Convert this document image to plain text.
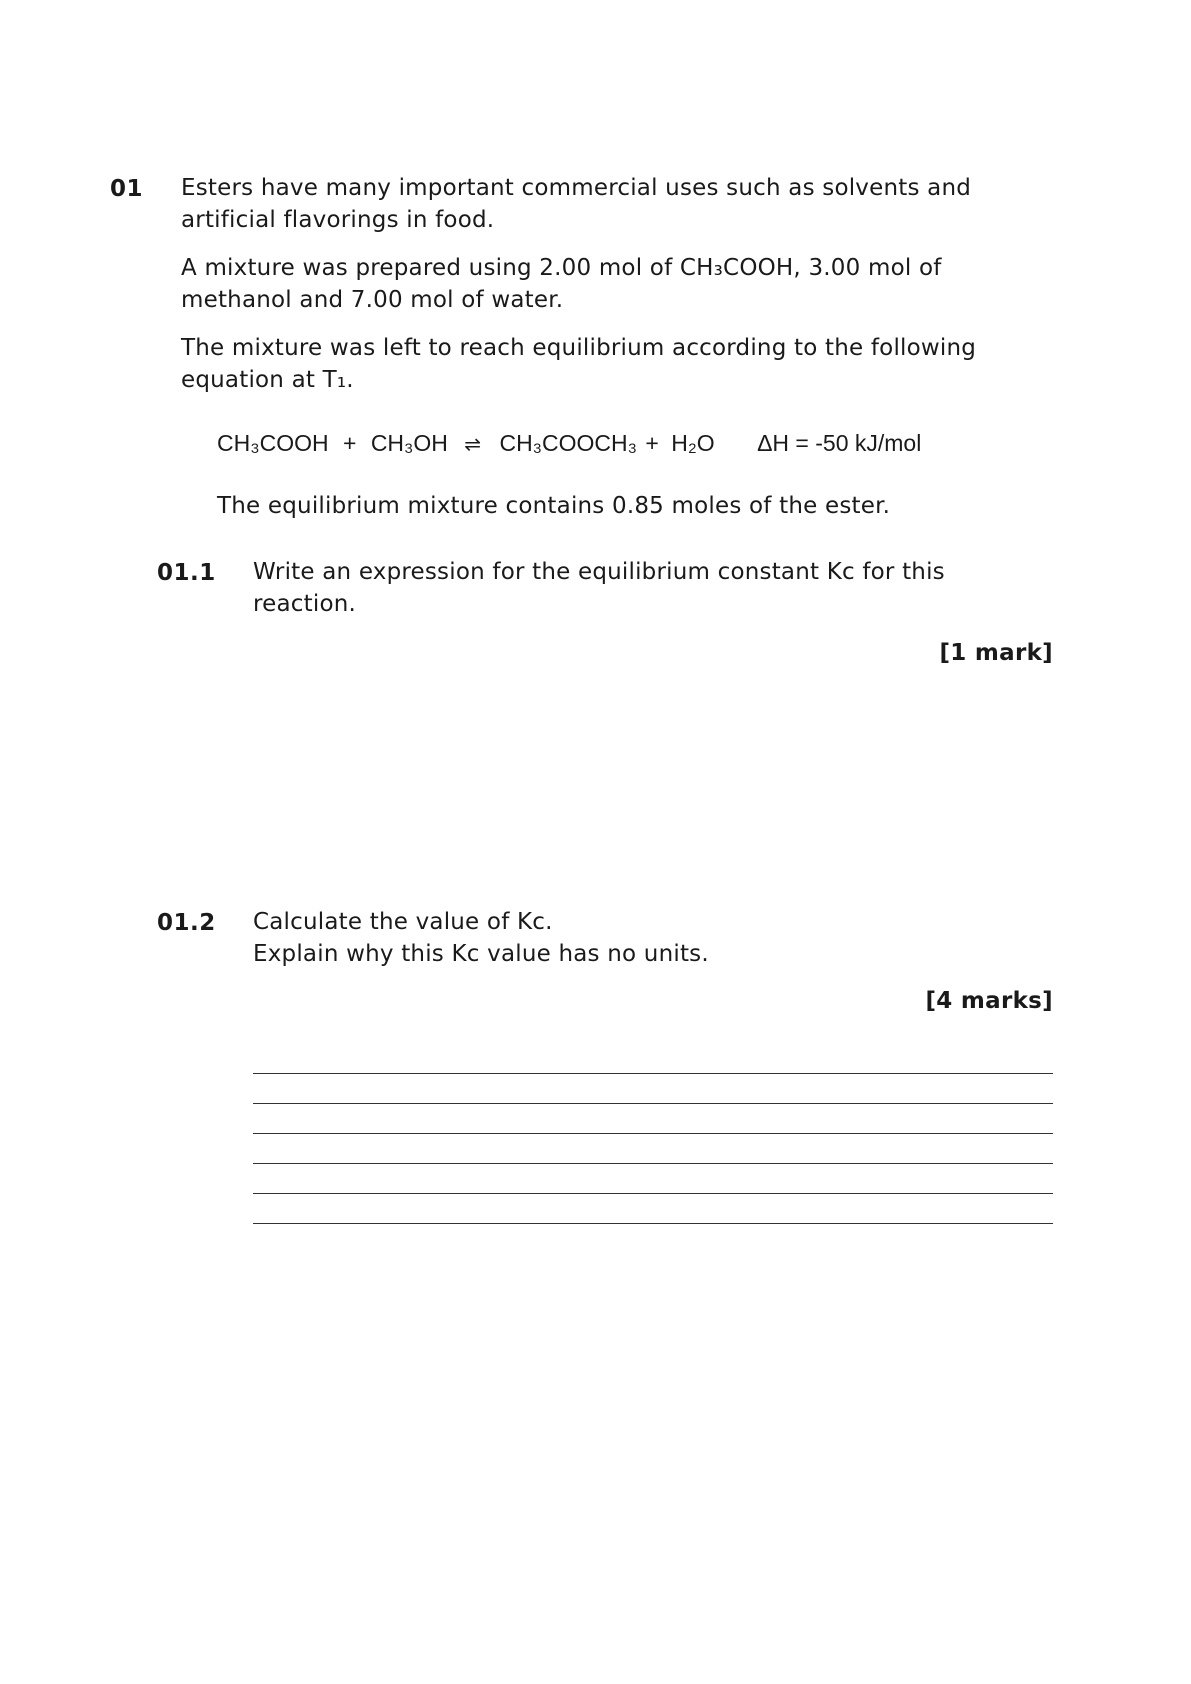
01 Esters have many important commercial uses such as solvents and
artificial flavorings in food.
A mixture was prepared using 2.00 mol of CH₃COOH, 3.00 mol of
methanol and 7.00 mol of water.
The mixture was left to reach equilibrium according to the following
equation at T₁.
CH₃COOH + CH₃OH ⇌ CH₃COOCH₃ + H₂O ΔH = -50 kJ/mol
The equilibrium mixture contains 0.85 moles of the ester.
01.1 Write an expression for the equilibrium constant Kᴄ for this
reaction.
[1 mark]
01.2 Calculate the value of Kᴄ.
Explain why this Kᴄ value has no units.
[4 marks]
